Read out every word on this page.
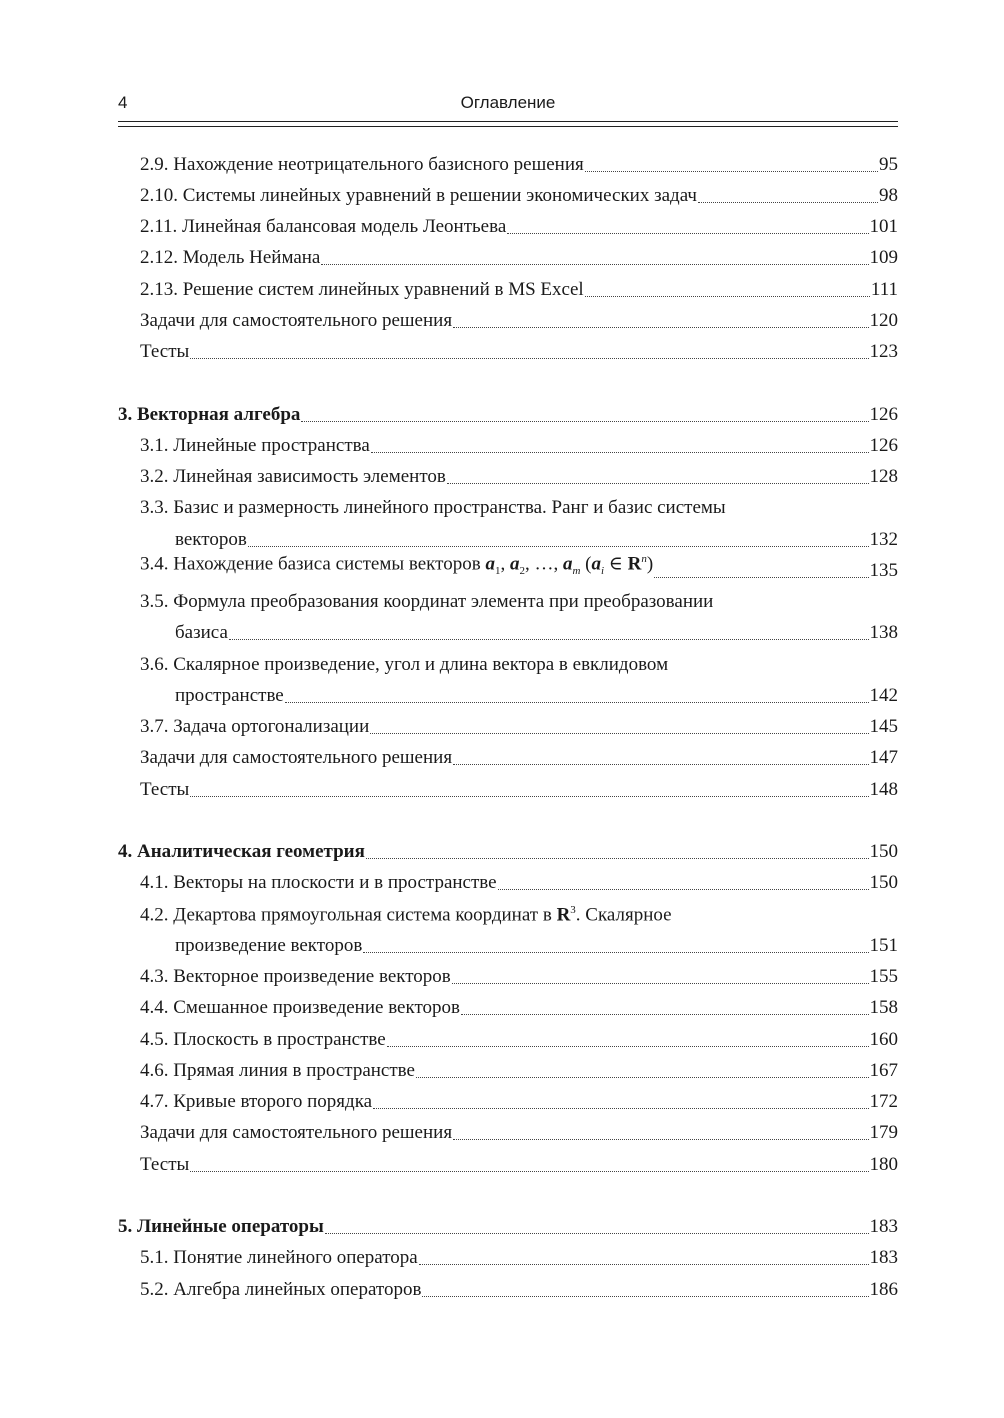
4	Оглавление
2.9. Нахождение неотрицательного базисного решения	95
2.10. Системы линейных уравнений в решении экономических задач	98
2.11. Линейная балансовая модель Леонтьева	101
2.12. Модель Неймана	109
2.13. Решение систем линейных уравнений в MS Excel	111
Задачи для самостоятельного решения	120
Тесты	123
3. Векторная алгебра	126
3.1. Линейные пространства	126
3.2. Линейная зависимость элементов	128
3.3. Базис и размерность линейного пространства. Ранг и базис системы
векторов	132
3.4. Нахождение базиса системы векторов $a_1$, $a_2$, …, $a_m$ ($a_i$ ∈ $R^n$)	135
3.5. Формула преобразования координат элемента при преобразовании
базиса	138
3.6. Скалярное произведение, угол и длина вектора в евклидовом
пространстве	142
3.7. Задача ортогонализации	145
Задачи для самостоятельного решения	147
Тесты	148
4. Аналитическая геометрия	150
4.1. Векторы на плоскости и в пространстве	150
4.2. Декартова прямоугольная система координат в $R^3$. Скалярное
произведение векторов	151
4.3. Векторное произведение векторов	155
4.4. Смешанное произведение векторов	158
4.5. Плоскость в пространстве	160
4.6. Прямая линия в пространстве	167
4.7. Кривые второго порядка	172
Задачи для самостоятельного решения	179
Тесты	180
5. Линейные операторы	183
5.1. Понятие линейного оператора	183
5.2. Алгебра линейных операторов	186
